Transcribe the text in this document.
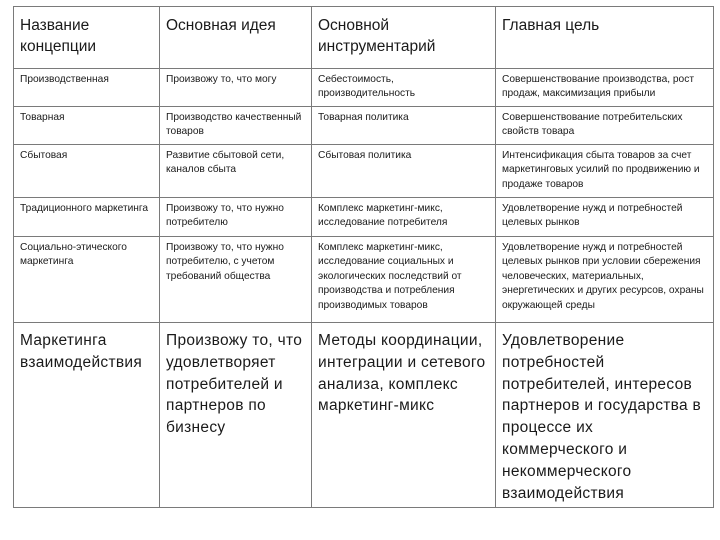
Название концепции	Основная идея	Основной инструментарий	Главная цель
Производственная	Произвожу то, что могу	Себестоимость, производительность	Совершенствование производства, рост продаж, максимизация прибыли
Товарная	Производство качественный товаров	Товарная политика	Совершенствование потребительских свойств товара
Сбытовая	Развитие сбытовой сети, каналов сбыта	Сбытовая политика	Интенсификация сбыта товаров за счет маркетинговых усилий по продвижению и продаже товаров
Традиционного маркетинга	Произвожу то, что нужно потребителю	Комплекс маркетинг-микс, исследование потребителя	Удовлетворение нужд и потребностей целевых рынков
Социально-этического маркетинга	Произвожу то, что нужно потребителю, с учетом требований общества	Комплекс маркетинг-микс, исследование социальных и экологических последствий от производства и потребления производимых товаров	Удовлетворение нужд и потребностей целевых рынков при условии сбережения человеческих, материальных, энергетических и других ресурсов, охраны окружающей среды
Маркетинга взаимодействия	Произвожу то, что удовлетворяет потребителей и партнеров по бизнесу	Методы координации, интеграции и сетевого анализа, комплекс маркетинг-микс	Удовлетворение потребностей потребителей, интересов партнеров и государства в процессе их коммерческого и некоммерческого взаимодействия
